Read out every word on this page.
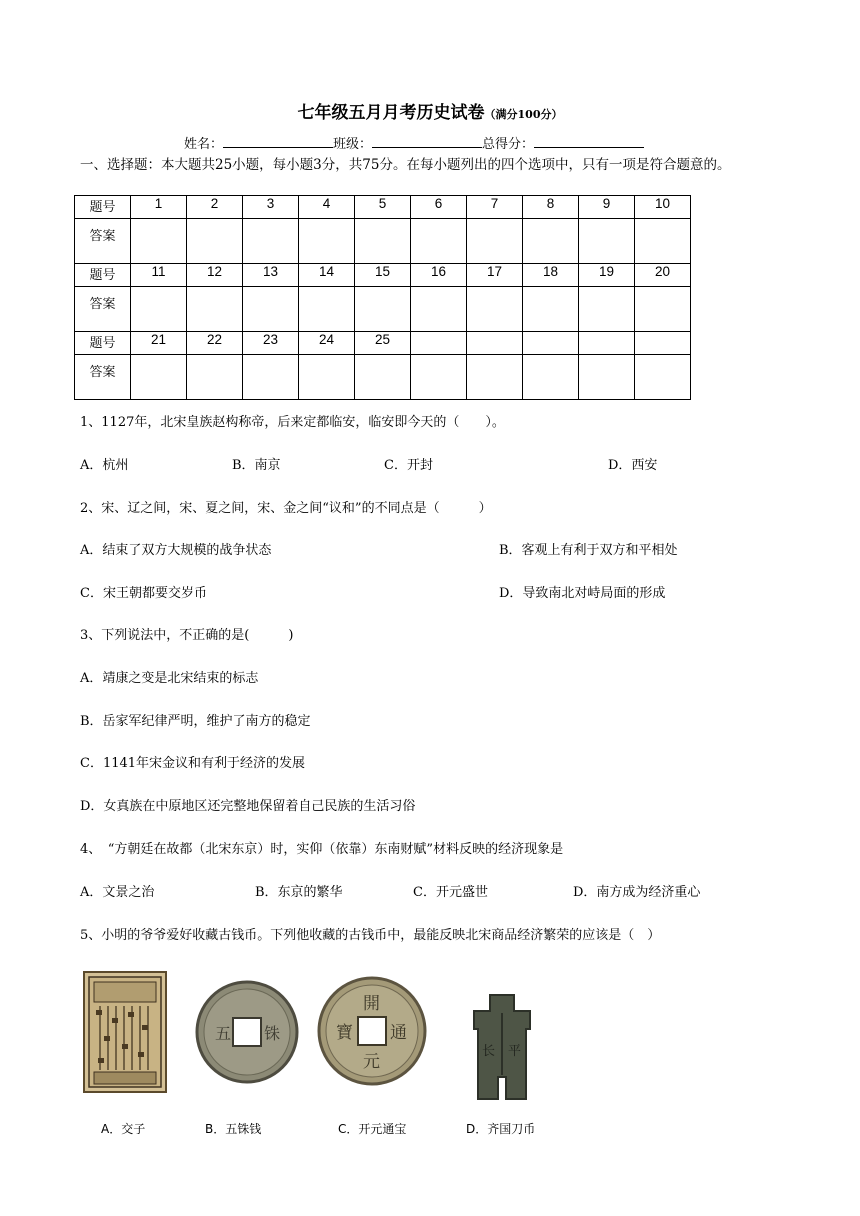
七年级五月月考历史试卷（满分100分）
姓名：	班级：	总得分：
一、选择题：本大题共25小题，每小题3分，共75分。在每小题列出的四个选项中，只有一项是符合题意的。
题号	1	2	3	4	5	6	7	8	9	10
答案										
题号	11	12	13	14	15	16	17	18	19	20
答案										
题号	21	22	23	24	25					
答案										
1、1127年，北宋皇族赵构称帝，后来定都临安，临安即今天的（　　）。
A．杭州	B．南京	C．开封	D．西安
2、宋、辽之间，宋、夏之间，宋、金之间“议和”的不同点是（　　　）
A．结束了双方大规模的战争状态	B．客观上有利于双方和平相处
C．宋王朝都要交岁币	D．导致南北对峙局面的形成
3、下列说法中，不正确的是(　　　)
A．靖康之变是北宋结束的标志
B．岳家军纪律严明，维护了南方的稳定
C．1141年宋金议和有利于经济的发展
D．女真族在中原地区还完整地保留着自己民族的生活习俗
4、　“方朝廷在故都（北宋东京）时，实仰（依靠）东南财赋”材料反映的经济现象是
A．文景之治	B．东京的繁华	C．开元盛世	D．南方成为经济重心
5、小明的爷爷爱好收藏古钱币。下列他收藏的古钱币中，最能反映北宋商品经济繁荣的应该是（　）
五 铢
開
元
寶 通
长 平
A．交子	B．五铢钱	C．开元通宝	D．齐国刀币
